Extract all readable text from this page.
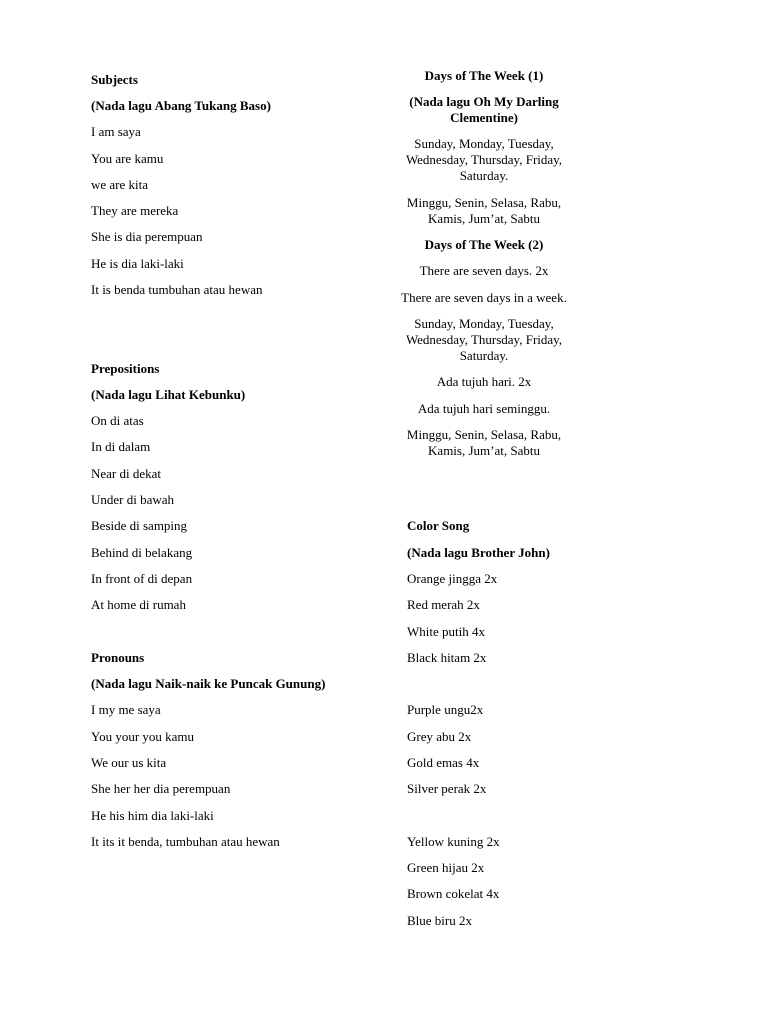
Subjects
(Nada lagu Abang Tukang Baso)
I am saya
You are kamu
we are kita
They are mereka
She is dia perempuan
He is dia laki-laki
It is benda tumbuhan atau hewan
Prepositions
(Nada lagu Lihat Kebunku)
On di atas
In di dalam
Near di dekat
Under di bawah
Beside di samping
Behind di belakang
In front of di depan
At home di rumah
Pronouns
(Nada lagu Naik-naik ke Puncak Gunung)
I my me saya
You your you kamu
We our us kita
She her her dia perempuan
He his him dia laki-laki
It its it benda, tumbuhan atau hewan
Days of The Week (1)
(Nada lagu Oh My Darling
Clementine)
Sunday, Monday, Tuesday,
Wednesday, Thursday, Friday,
Saturday.
Minggu, Senin, Selasa, Rabu,
Kamis, Jum’at, Sabtu
Days of The Week (2)
There are seven days. 2x
There are seven days in a week.
Sunday, Monday, Tuesday,
Wednesday, Thursday, Friday,
Saturday.
Ada tujuh hari. 2x
Ada tujuh hari seminggu.
Minggu, Senin, Selasa, Rabu,
Kamis, Jum’at, Sabtu
Color Song
(Nada lagu Brother John)
Orange jingga 2x
Red merah 2x
White putih 4x
Black hitam 2x
Purple ungu2x
Grey abu 2x
Gold emas 4x
Silver perak 2x
Yellow kuning 2x
Green hijau 2x
Brown cokelat 4x
Blue biru 2x
